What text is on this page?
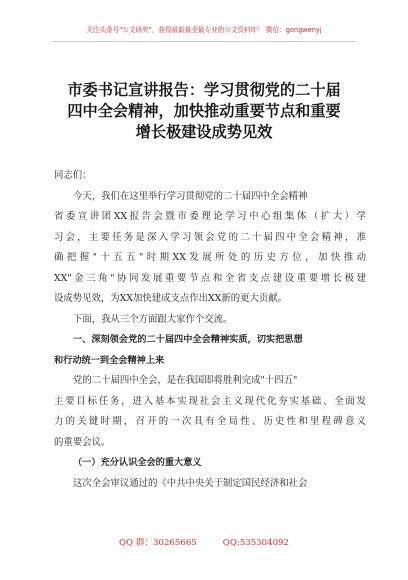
关注头条号"公文研究"，获得最新最全最专业的公文资料库！ 微信：gongwenyj
市委书记宣讲报告：学习贯彻党的二十届
四中全会精神，加快推动重要节点和重要
增长极建设成势见效

同志们：

今天，我们在这里举行学习贯彻党的二十届四中全会精神
省委宣讲团XX报告会暨市委理论学习中心组集体（扩大）学
习会，主要任务是深入学习领会党的二十届四中全会精神，准
确把握"十五五"时期XX发展所处的历史方位，加快推动
XX"金三角"协同发展重要节点和全省支点建设重要增长极建
设成势见效，为XX加快建成支点作出XX新的更大贡献。

下面，我从三个方面跟大家作个交流。

一、深刻领会党的二十届四中全会精神实质，切实把思想
和行动统一到全会精神上来

党的二十届四中全会，是在我国即将胜利完成"十四五"
主要目标任务，进入基本实现社会主义现代化夯实基础、全面发
力的关键时期，召开的一次具有全局性、历史性和里程碑意义
的重要会议。

（一）充分认识全会的重大意义

这次全会审议通过的《中共中央关于制定国民经济和社会

QQ 群：30265665	QQ:535304092
